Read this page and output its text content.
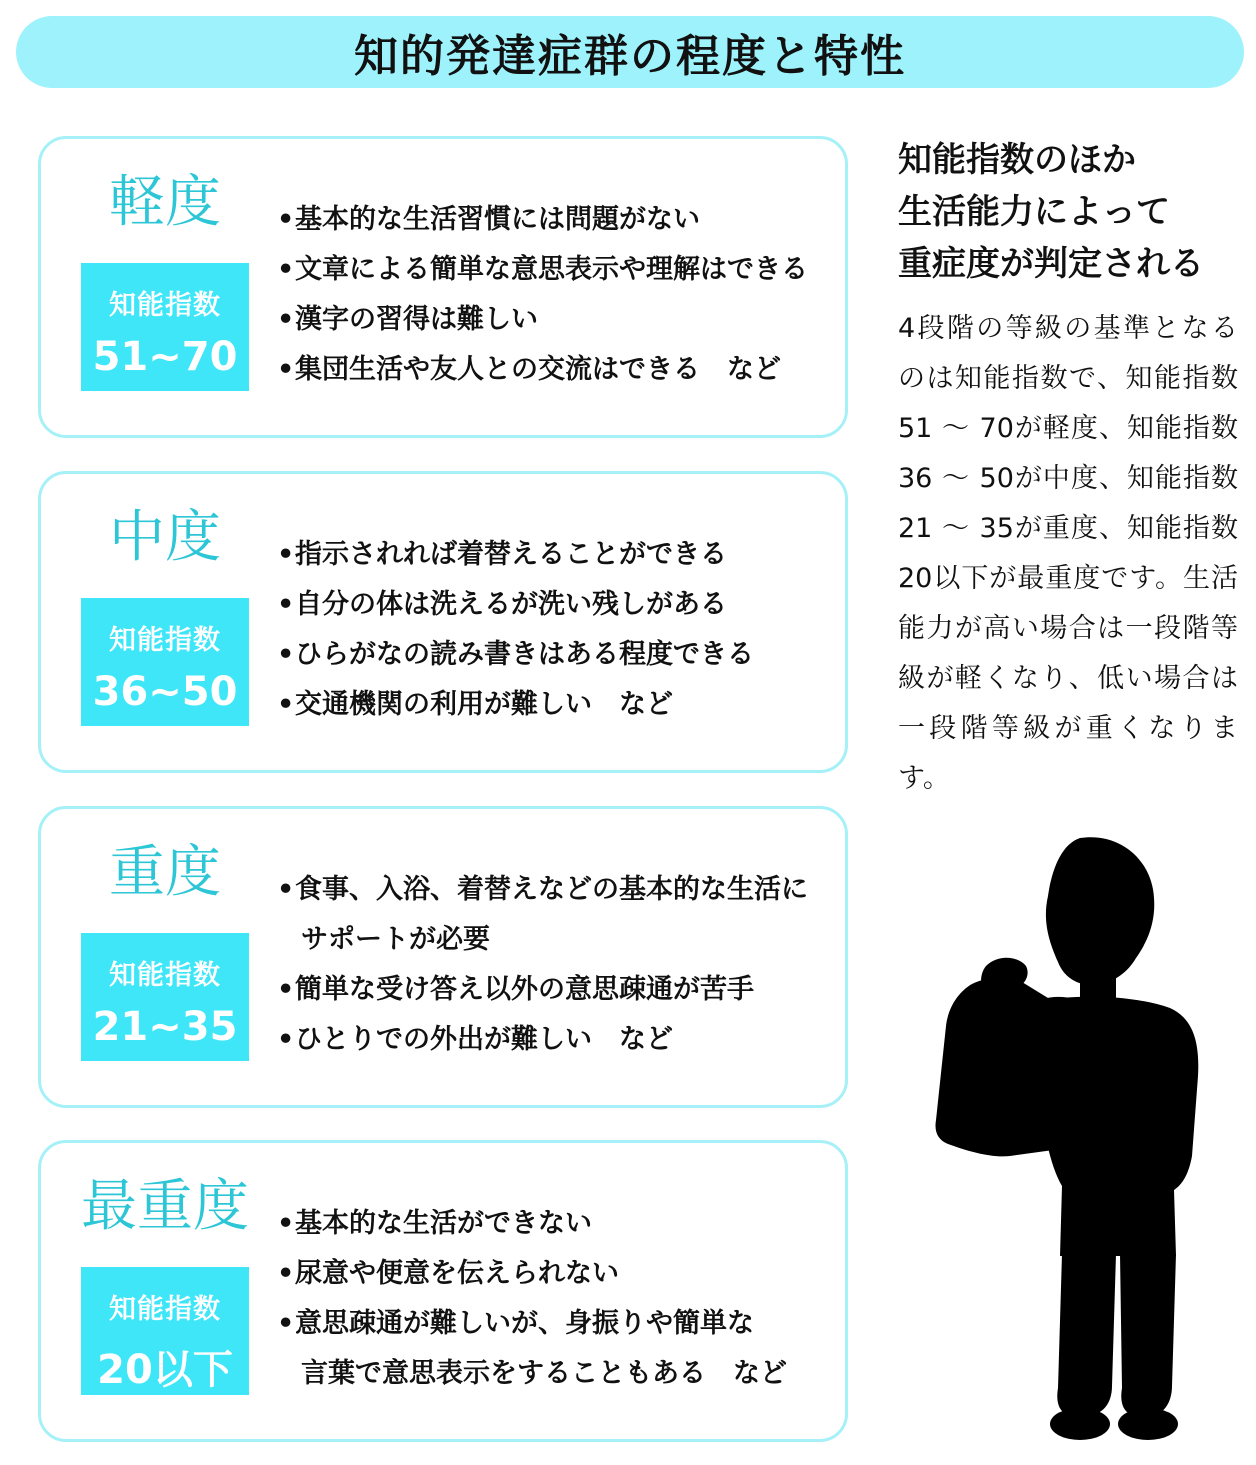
知的発達症群の程度と特性
軽度
知能指数
51~70
• 基本的な生活習慣には問題がない
• 文章による簡単な意思表示や理解はできる
• 漢字の習得は難しい
• 集団生活や友人との交流はできる　など
中度
知能指数
36~50
• 指示されれば着替えることができる
• 自分の体は洗えるが洗い残しがある
• ひらがなの読み書きはある程度できる
• 交通機関の利用が難しい　など
重度
知能指数
21~35
• 食事、入浴、着替えなどの基本的な生活に
サポートが必要
• 簡単な受け答え以外の意思疎通が苦手
• ひとりでの外出が難しい　など
最重度
知能指数
20以下
• 基本的な生活ができない
• 尿意や便意を伝えられない
• 意思疎通が難しいが、身振りや簡単な
言葉で意思表示をすることもある　など
知能指数のほか
生活能力によって
重症度が判定される

4段階の等級の基準となるのは知能指数で、知能指数51 ～ 70が軽度、知能指数36 ～ 50が中度、知能指数21 ～ 35が重度、知能指数20以下が最重度です。生活能力が高い場合は一段階等級が軽くなり、低い場合は一段階等級が重くなります。
